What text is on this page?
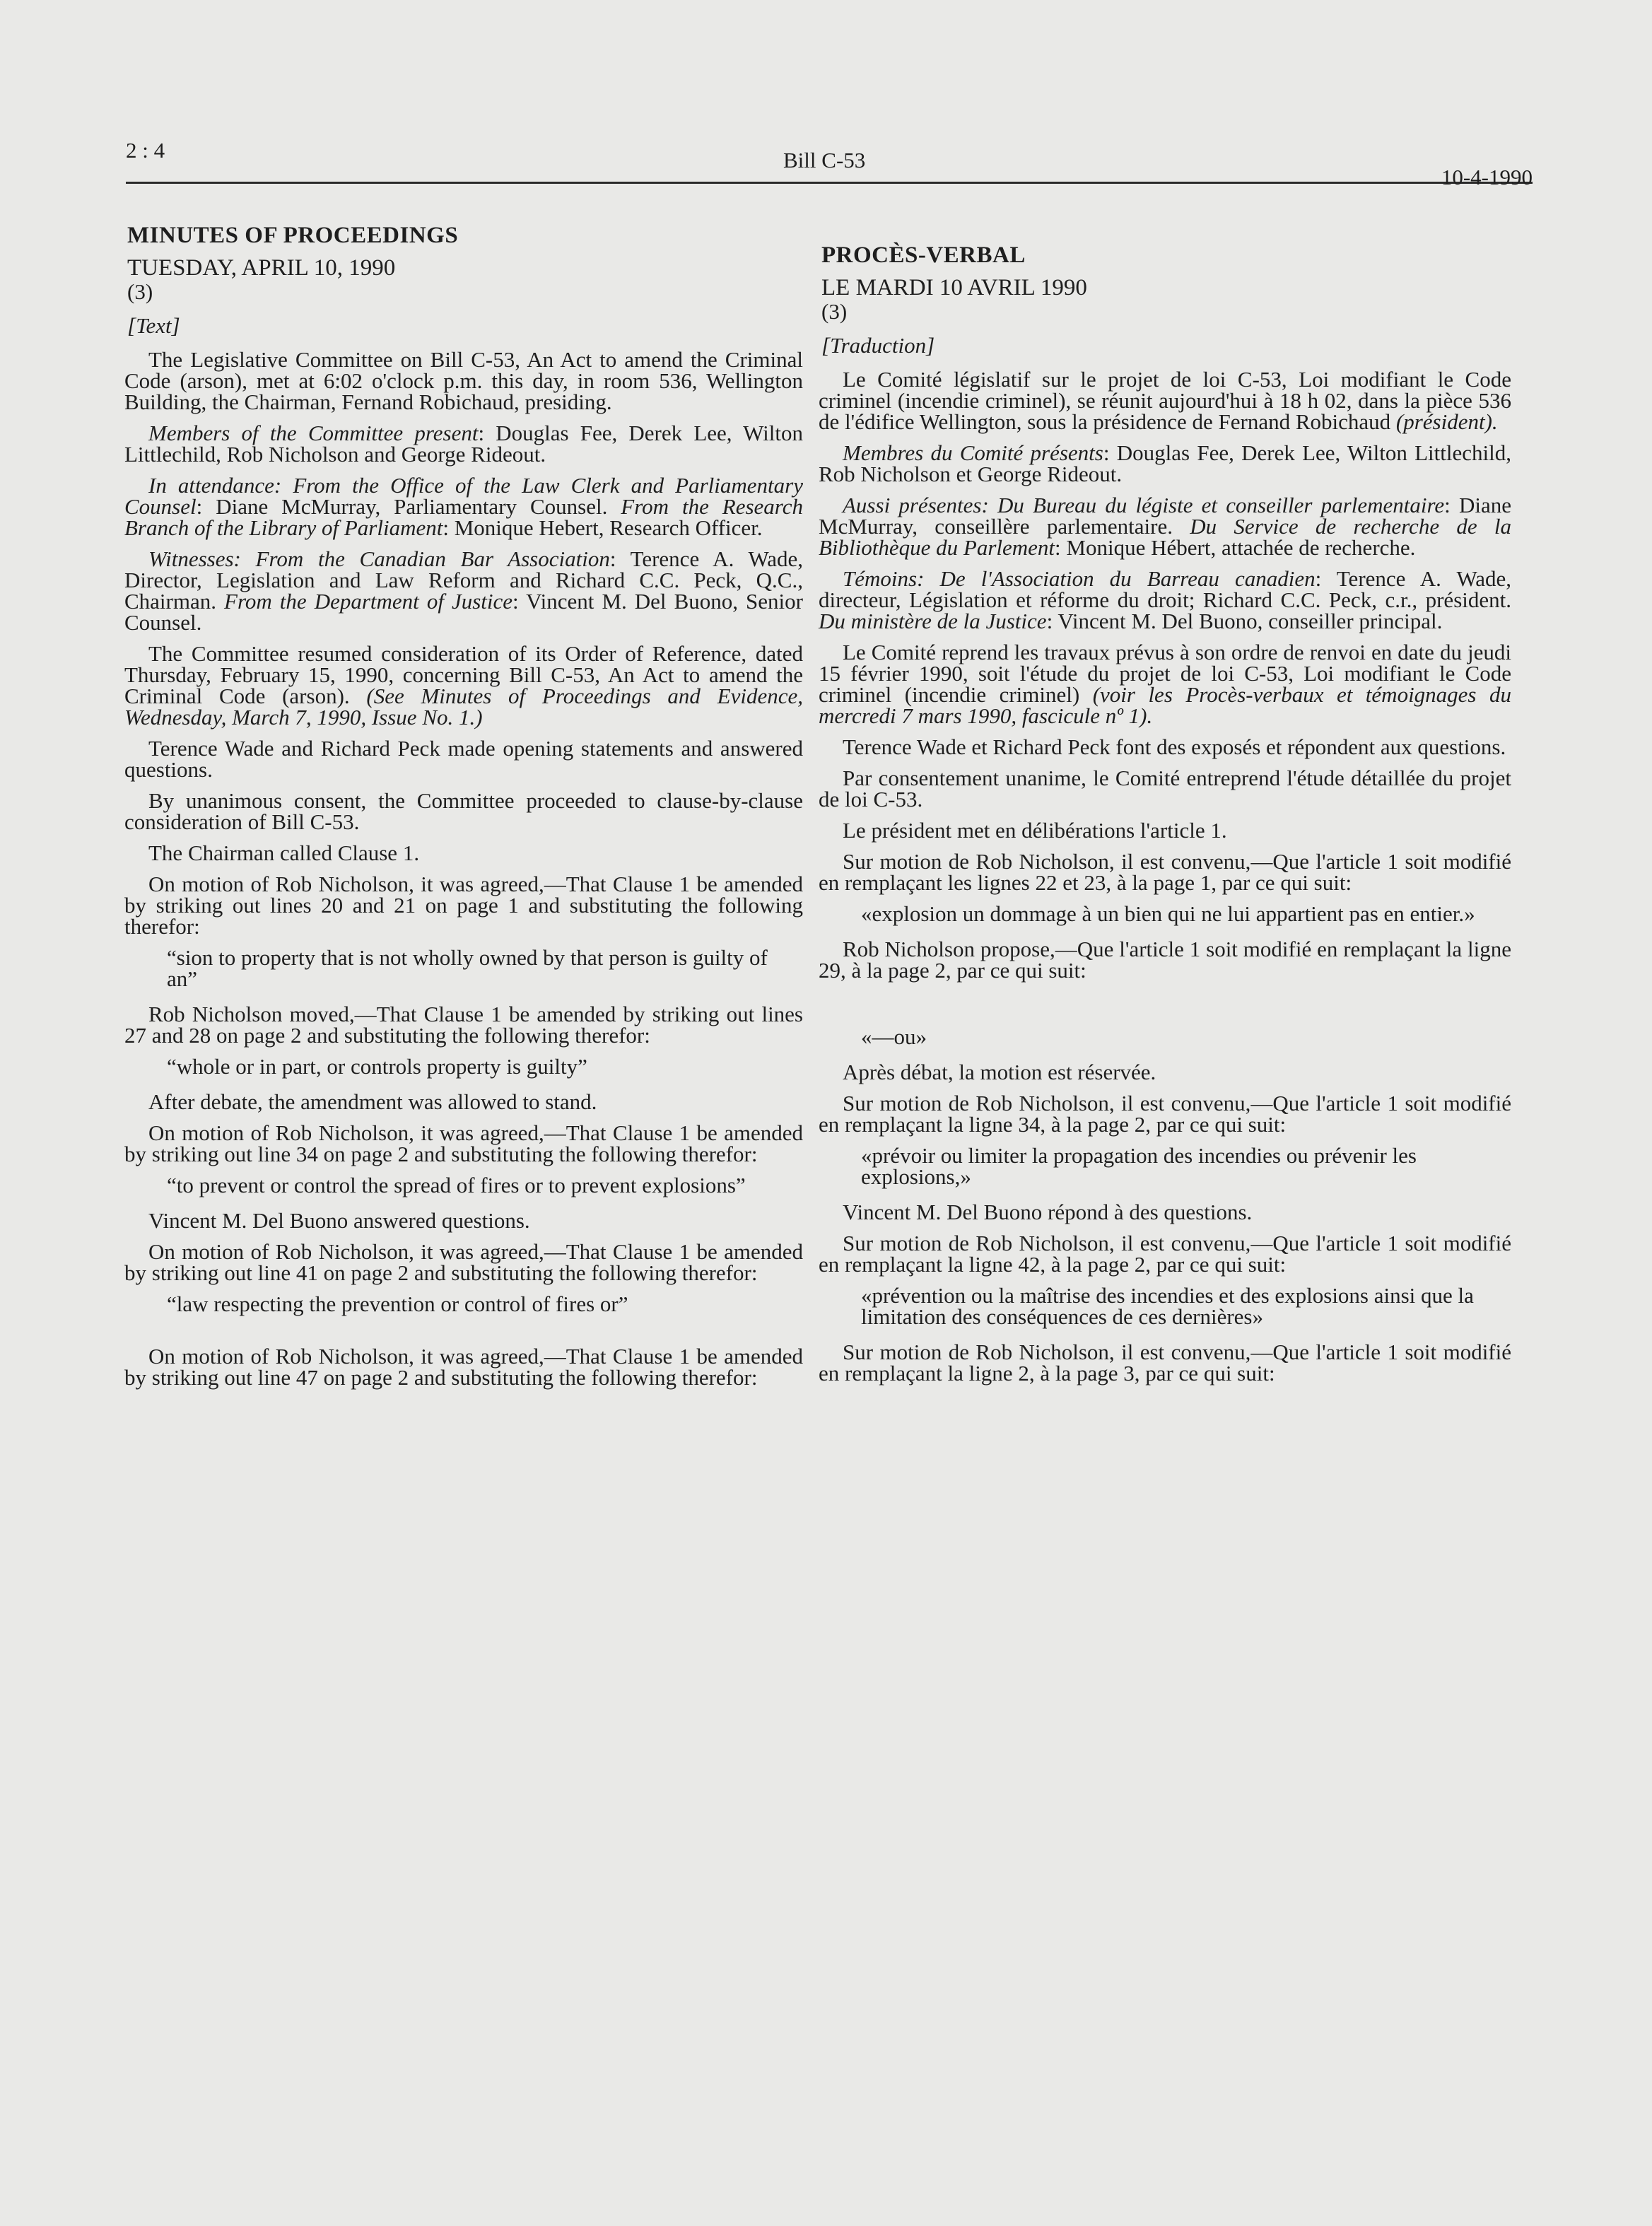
2 : 4	Bill C-53
10-4-1990
MINUTES OF PROCEEDINGS
TUESDAY, APRIL 10, 1990
(3)
[Text]

The Legislative Committee on Bill C-53, An Act to amend the Criminal Code (arson), met at 6:02 o'clock p.m. this day, in room 536, Wellington Building, the Chairman, Fernand Robichaud, presiding.

Members of the Committee present: Douglas Fee, Derek Lee, Wilton Littlechild, Rob Nicholson and George Rideout.

In attendance: From the Office of the Law Clerk and Parliamentary Counsel: Diane McMurray, Parliamentary Counsel. From the Research Branch of the Library of Parliament: Monique Hebert, Research Officer.

Witnesses: From the Canadian Bar Association: Terence A. Wade, Director, Legislation and Law Reform and Richard C.C. Peck, Q.C., Chairman. From the Department of Justice: Vincent M. Del Buono, Senior Counsel.

The Committee resumed consideration of its Order of Reference, dated Thursday, February 15, 1990, concerning Bill C-53, An Act to amend the Criminal Code (arson). (See Minutes of Proceedings and Evidence, Wednesday, March 7, 1990, Issue No. 1.)

Terence Wade and Richard Peck made opening statements and answered questions.

By unanimous consent, the Committee proceeded to clause-by-clause consideration of Bill C-53.

The Chairman called Clause 1.

On motion of Rob Nicholson, it was agreed,—That Clause 1 be amended by striking out lines 20 and 21 on page 1 and substituting the following therefor:

“sion to property that is not wholly owned by that person is guilty of an”

Rob Nicholson moved,—That Clause 1 be amended by striking out lines 27 and 28 on page 2 and substituting the following therefor:

“whole or in part, or controls property is guilty”

After debate, the amendment was allowed to stand.

On motion of Rob Nicholson, it was agreed,—That Clause 1 be amended by striking out line 34 on page 2 and substituting the following therefor:

“to prevent or control the spread of fires or to prevent explosions”

Vincent M. Del Buono answered questions.

On motion of Rob Nicholson, it was agreed,—That Clause 1 be amended by striking out line 41 on page 2 and substituting the following therefor:

“law respecting the prevention or control of fires or”

On motion of Rob Nicholson, it was agreed,—That Clause 1 be amended by striking out line 47 on page 2 and substituting the following therefor:

PROCÈS-VERBAL
LE MARDI 10 AVRIL 1990
(3)
[Traduction]

Le Comité législatif sur le projet de loi C-53, Loi modifiant le Code criminel (incendie criminel), se réunit aujourd'hui à 18 h 02, dans la pièce 536 de l'édifice Wellington, sous la présidence de Fernand Robichaud (président).

Membres du Comité présents: Douglas Fee, Derek Lee, Wilton Littlechild, Rob Nicholson et George Rideout.

Aussi présentes: Du Bureau du légiste et conseiller parlementaire: Diane McMurray, conseillère parlementaire. Du Service de recherche de la Bibliothèque du Parlement: Monique Hébert, attachée de recherche.

Témoins: De l'Association du Barreau canadien: Terence A. Wade, directeur, Législation et réforme du droit; Richard C.C. Peck, c.r., président. Du ministère de la Justice: Vincent M. Del Buono, conseiller principal.

Le Comité reprend les travaux prévus à son ordre de renvoi en date du jeudi 15 février 1990, soit l'étude du projet de loi C-53, Loi modifiant le Code criminel (incendie criminel) (voir les Procès-verbaux et témoignages du mercredi 7 mars 1990, fascicule nº 1).

Terence Wade et Richard Peck font des exposés et répondent aux questions.

Par consentement unanime, le Comité entreprend l'étude détaillée du projet de loi C-53.

Le président met en délibérations l'article 1.

Sur motion de Rob Nicholson, il est convenu,—Que l'article 1 soit modifié en remplaçant les lignes 22 et 23, à la page 1, par ce qui suit:

«explosion un dommage à un bien qui ne lui appartient pas en entier.»

Rob Nicholson propose,—Que l'article 1 soit modifié en remplaçant la ligne 29, à la page 2, par ce qui suit:

«—ou»

Après débat, la motion est réservée.

Sur motion de Rob Nicholson, il est convenu,—Que l'article 1 soit modifié en remplaçant la ligne 34, à la page 2, par ce qui suit:

«prévoir ou limiter la propagation des incendies ou prévenir les explosions,»

Vincent M. Del Buono répond à des questions.

Sur motion de Rob Nicholson, il est convenu,—Que l'article 1 soit modifié en remplaçant la ligne 42, à la page 2, par ce qui suit:

«prévention ou la maîtrise des incendies et des explosions ainsi que la limitation des conséquences de ces dernières»

Sur motion de Rob Nicholson, il est convenu,—Que l'article 1 soit modifié en remplaçant la ligne 2, à la page 3, par ce qui suit:
